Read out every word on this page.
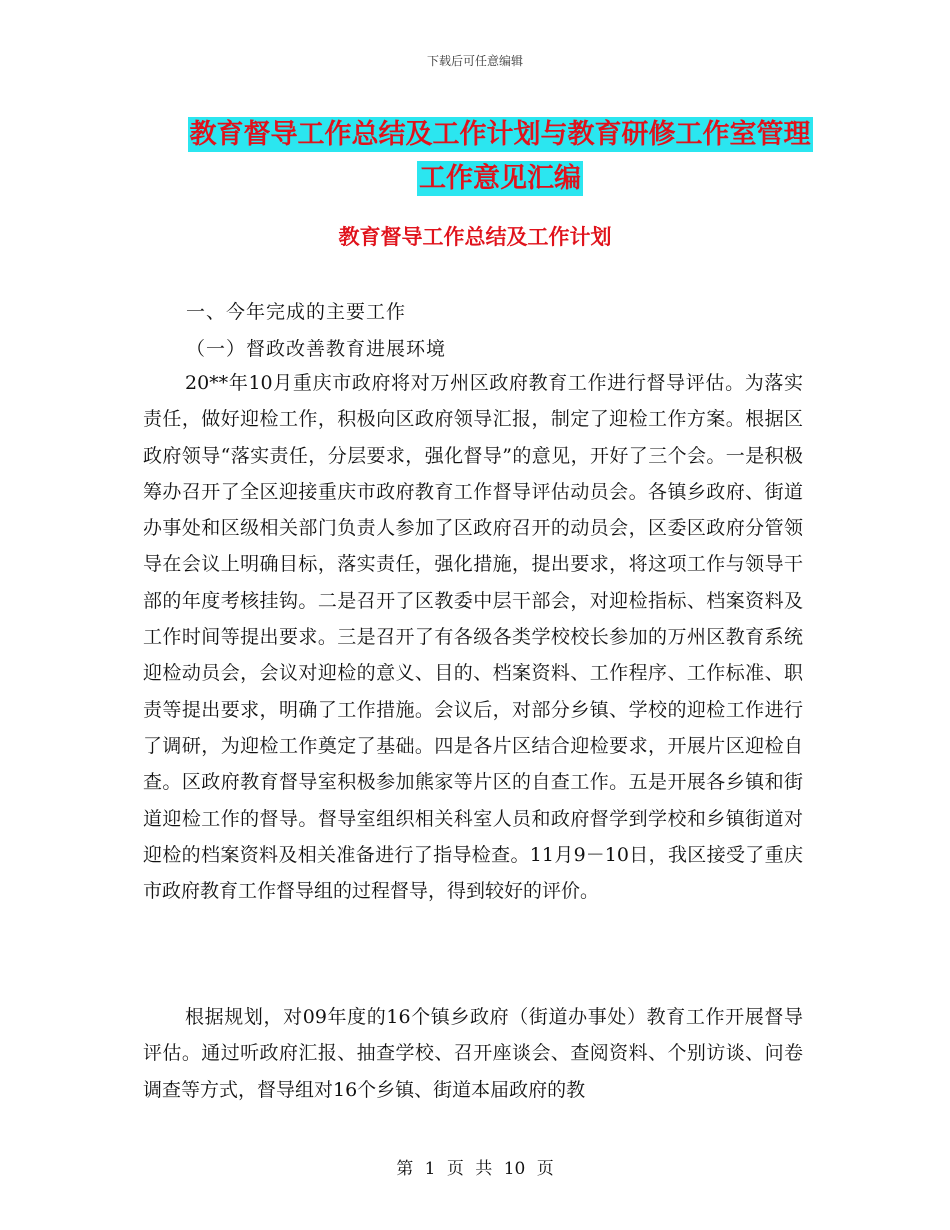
下载后可任意编辑
教育督导工作总结及工作计划与教育研修工作室管理
工作意见汇编
教育督导工作总结及工作计划
一、今年完成的主要工作
（一）督政改善教育进展环境

20**年10月重庆市政府将对万州区政府教育工作进行督导评估。为落实责任，做好迎检工作，积极向区政府领导汇报，制定了迎检工作方案。根据区政府领导“落实责任，分层要求，强化督导”的意见，开好了三个会。一是积极筹办召开了全区迎接重庆市政府教育工作督导评估动员会。各镇乡政府、街道办事处和区级相关部门负责人参加了区政府召开的动员会，区委区政府分管领导在会议上明确目标，落实责任，强化措施，提出要求，将这项工作与领导干部的年度考核挂钩。二是召开了区教委中层干部会，对迎检指标、档案资料及工作时间等提出要求。三是召开了有各级各类学校校长参加的万州区教育系统迎检动员会，会议对迎检的意义、目的、档案资料、工作程序、工作标准、职责等提出要求，明确了工作措施。会议后，对部分乡镇、学校的迎检工作进行了调研，为迎检工作奠定了基础。四是各片区结合迎检要求，开展片区迎检自查。区政府教育督导室积极参加熊家等片区的自查工作。五是开展各乡镇和街道迎检工作的督导。督导室组织相关科室人员和政府督学到学校和乡镇街道对迎检的档案资料及相关准备进行了指导检查。11月9－10日，我区接受了重庆市政府教育工作督导组的过程督导，得到较好的评价。

根据规划，对09年度的16个镇乡政府（街道办事处）教育工作开展督导评估。通过听政府汇报、抽查学校、召开座谈会、查阅资料、个别访谈、问卷调查等方式，督导组对16个乡镇、街道本届政府的教

第 1 页 共 10 页
